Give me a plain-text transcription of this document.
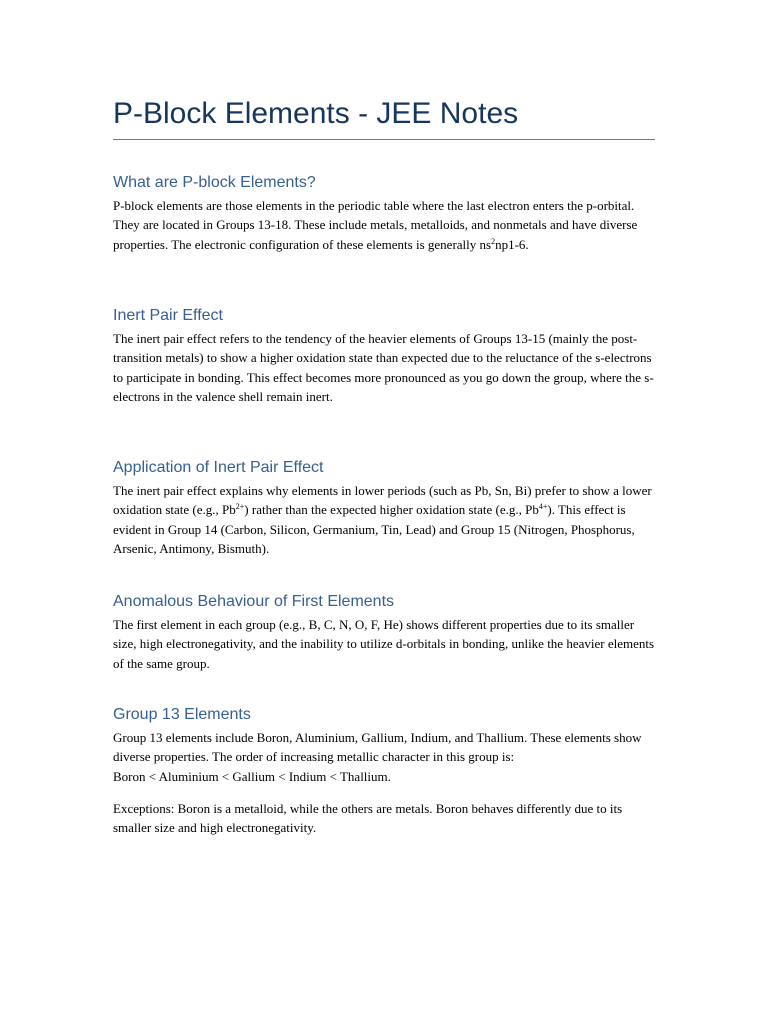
P-Block Elements - JEE Notes
What are P-block Elements?

P-block elements are those elements in the periodic table where the last electron enters the p-orbital. They are located in Groups 13-18. These include metals, metalloids, and nonmetals and have diverse properties. The electronic configuration of these elements is generally $ns^2np1-6$.

Inert Pair Effect

The inert pair effect refers to the tendency of the heavier elements of Groups 13-15 (mainly the post-transition metals) to show a higher oxidation state than expected due to the reluctance of the s-electrons to participate in bonding. This effect becomes more pronounced as you go down the group, where the s-electrons in the valence shell remain inert.

Application of Inert Pair Effect

The inert pair effect explains why elements in lower periods (such as Pb, Sn, Bi) prefer to show a lower oxidation state (e.g., $Pb^{2+}$) rather than the expected higher oxidation state (e.g., $Pb^{4+}$). This effect is evident in Group 14 (Carbon, Silicon, Germanium, Tin, Lead) and Group 15 (Nitrogen, Phosphorus, Arsenic, Antimony, Bismuth).

Anomalous Behaviour of First Elements

The first element in each group (e.g., B, C, N, O, F, He) shows different properties due to its smaller size, high electronegativity, and the inability to utilize d-orbitals in bonding, unlike the heavier elements of the same group.

Group 13 Elements

Group 13 elements include Boron, Aluminium, Gallium, Indium, and Thallium. These elements show diverse properties. The order of increasing metallic character in this group is:
Boron < Aluminium < Gallium < Indium < Thallium.

Exceptions: Boron is a metalloid, while the others are metals. Boron behaves differently due to its smaller size and high electronegativity.
